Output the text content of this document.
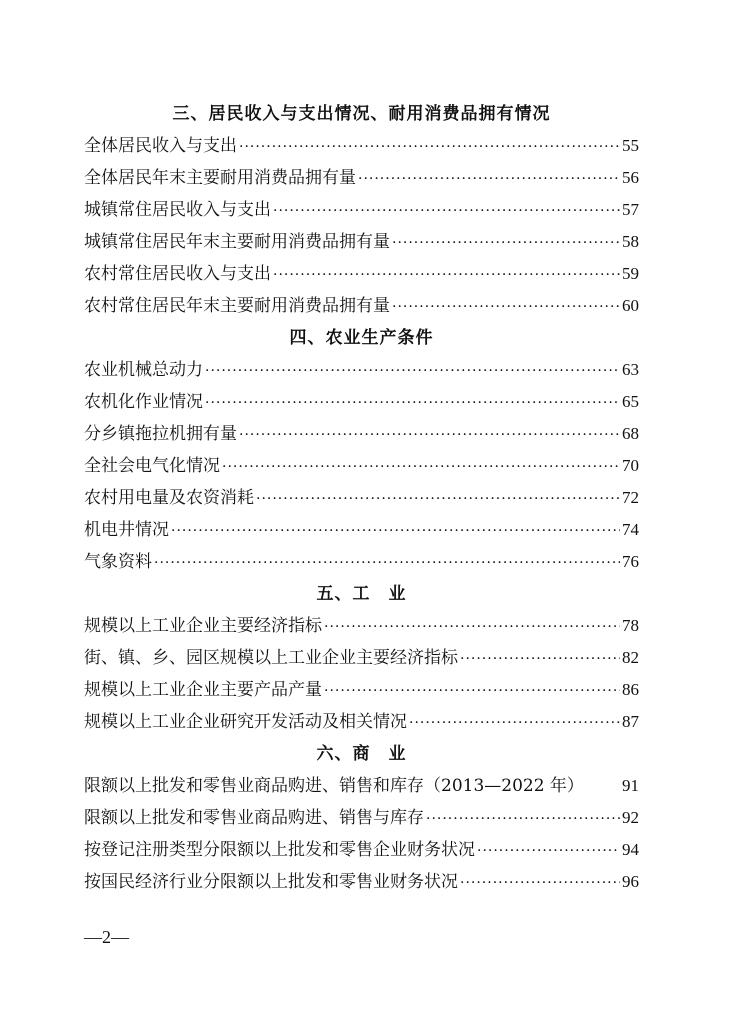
三、居民收入与支出情况、耐用消费品拥有情况
全体居民收入与支出 ·····	55
全体居民年末主要耐用消费品拥有量 ·····	56
城镇常住居民收入与支出 ·····	57
城镇常住居民年末主要耐用消费品拥有量 ·····	58
农村常住居民收入与支出 ·····	59
农村常住居民年末主要耐用消费品拥有量 ·····	60
四、农业生产条件
农业机械总动力 ·····	63
农机化作业情况 ·····	65
分乡镇拖拉机拥有量 ·····	68
全社会电气化情况 ·····	70
农村用电量及农资消耗 ·····	72
机电井情况 ·····	74
气象资料 ·····	76
五、工　业
规模以上工业企业主要经济指标 ·····	78
街、镇、乡、园区规模以上工业企业主要经济指标 ·····	82
规模以上工业企业主要产品产量 ·····	86
规模以上工业企业研究开发活动及相关情况 ·····	87
六、商　业
限额以上批发和零售业商品购进、销售和库存（2013—2022 年）	91
限额以上批发和零售业商品购进、销售与库存 ·····	92
按登记注册类型分限额以上批发和零售企业财务状况 ·····	94
按国民经济行业分限额以上批发和零售业财务状况 ·····	96
—2—
